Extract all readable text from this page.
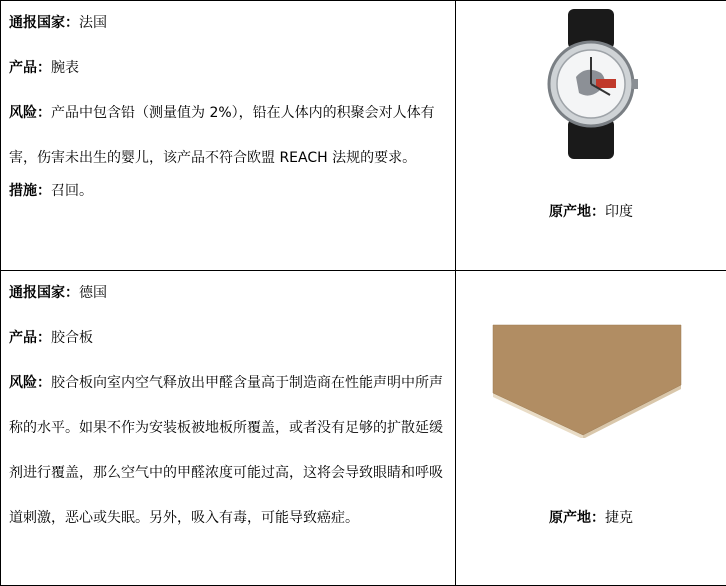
通报国家：法国

产品：腕表

风险：产品中包含铅（测量值为 2%），铅在人体内的积聚会对人体有害，伤害未出生的婴儿，该产品不符合欧盟 REACH 法规的要求。

措施：召回。	原产地：印度

通报国家：德国

产品：胶合板

风险：胶合板向室内空气释放出甲醛含量高于制造商在性能声明中所声称的水平。如果不作为安装板被地板所覆盖，或者没有足够的扩散延缓剂进行覆盖，那么空气中的甲醛浓度可能过高，这将会导致眼睛和呼吸道刺激，恶心或失眠。另外，吸入有毒，可能导致癌症。	原产地：捷克
